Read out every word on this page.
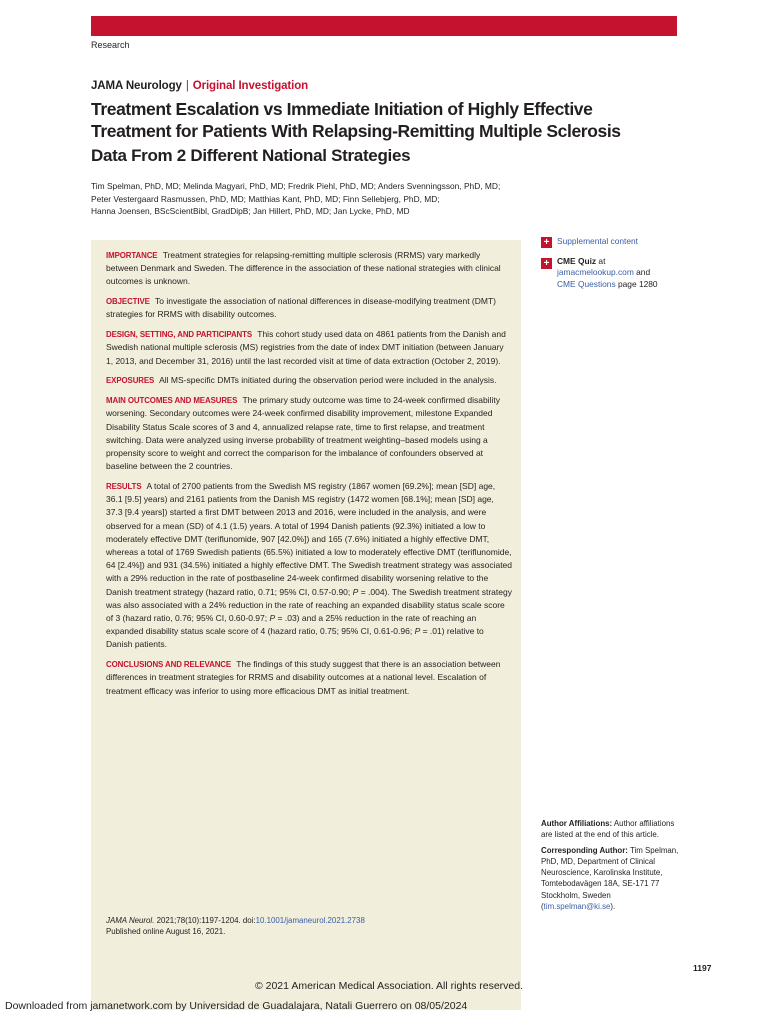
Research
JAMA Neurology | Original Investigation
Treatment Escalation vs Immediate Initiation of Highly Effective
Treatment for Patients With Relapsing-Remitting Multiple Sclerosis
Data From 2 Different National Strategies

Tim Spelman, PhD, MD; Melinda Magyari, PhD, MD; Fredrik Piehl, PhD, MD; Anders Svenningsson, PhD, MD;
Peter Vestergaard Rasmussen, PhD, MD; Matthias Kant, PhD, MD; Finn Sellebjerg, PhD, MD;
Hanna Joensen, BScScientBibl, GradDipB; Jan Hillert, PhD, MD; Jan Lycke, PhD, MD

IMPORTANCE Treatment strategies for relapsing-remitting multiple sclerosis (RRMS) vary markedly between Denmark and Sweden. The difference in the association of these national strategies with clinical outcomes is unknown.

OBJECTIVE To investigate the association of national differences in disease-modifying treatment (DMT) strategies for RRMS with disability outcomes.

DESIGN, SETTING, AND PARTICIPANTS This cohort study used data on 4861 patients from the Danish and Swedish national multiple sclerosis (MS) registries from the date of index DMT initiation (between January 1, 2013, and December 31, 2016) until the last recorded visit at time of data extraction (October 2, 2019).

EXPOSURES All MS-specific DMTs initiated during the observation period were included in the analysis.

MAIN OUTCOMES AND MEASURES The primary study outcome was time to 24-week confirmed disability worsening. Secondary outcomes were 24-week confirmed disability improvement, milestone Expanded Disability Status Scale scores of 3 and 4, annualized relapse rate, time to first relapse, and treatment switching. Data were analyzed using inverse probability of treatment weighting–based models using a propensity score to weight and correct the comparison for the imbalance of confounders observed at baseline between the 2 countries.

RESULTS A total of 2700 patients from the Swedish MS registry (1867 women [69.2%]; mean [SD] age, 36.1 [9.5] years) and 2161 patients from the Danish MS registry (1472 women [68.1%]; mean [SD] age, 37.3 [9.4 years]) started a first DMT between 2013 and 2016, were included in the analysis, and were observed for a mean (SD) of 4.1 (1.5) years. A total of 1994 Danish patients (92.3%) initiated a low to moderately effective DMT (teriflunomide, 907 [42.0%]) and 165 (7.6%) initiated a highly effective DMT, whereas a total of 1769 Swedish patients (65.5%) initiated a low to moderately effective DMT (teriflunomide, 64 [2.4%]) and 931 (34.5%) initiated a highly effective DMT. The Swedish treatment strategy was associated with a 29% reduction in the rate of postbaseline 24-week confirmed disability worsening relative to the Danish treatment strategy (hazard ratio, 0.71; 95% CI, 0.57-0.90; P = .004). The Swedish treatment strategy was also associated with a 24% reduction in the rate of reaching an expanded disability status scale score of 3 (hazard ratio, 0.76; 95% CI, 0.60-0.97; P = .03) and a 25% reduction in the rate of reaching an expanded disability status scale score of 4 (hazard ratio, 0.75; 95% CI, 0.61-0.96; P = .01) relative to Danish patients.

CONCLUSIONS AND RELEVANCE The findings of this study suggest that there is an association between differences in treatment strategies for RRMS and disability outcomes at a national level. Escalation of treatment efficacy was inferior to using more efficacious DMT as initial treatment.

JAMA Neurol. 2021;78(10):1197-1204. doi:10.1001/jamaneurol.2021.2738
Published online August 16, 2021.
+ Supplemental content
+ CME Quiz at
jamacmelookup.com and
CME Questions page 1280

Author Affiliations: Author affiliations are listed at the end of this article.

Corresponding Author: Tim Spelman, PhD, MD, Department of Clinical Neuroscience, Karolinska Institute, Tomtebodavägen 18A, SE-171 77 Stockholm, Sweden
(tim.spelman@ki.se).

1197
© 2021 American Medical Association. All rights reserved.
Downloaded from jamanetwork.com by Universidad de Guadalajara, Natali Guerrero on 08/05/2024
